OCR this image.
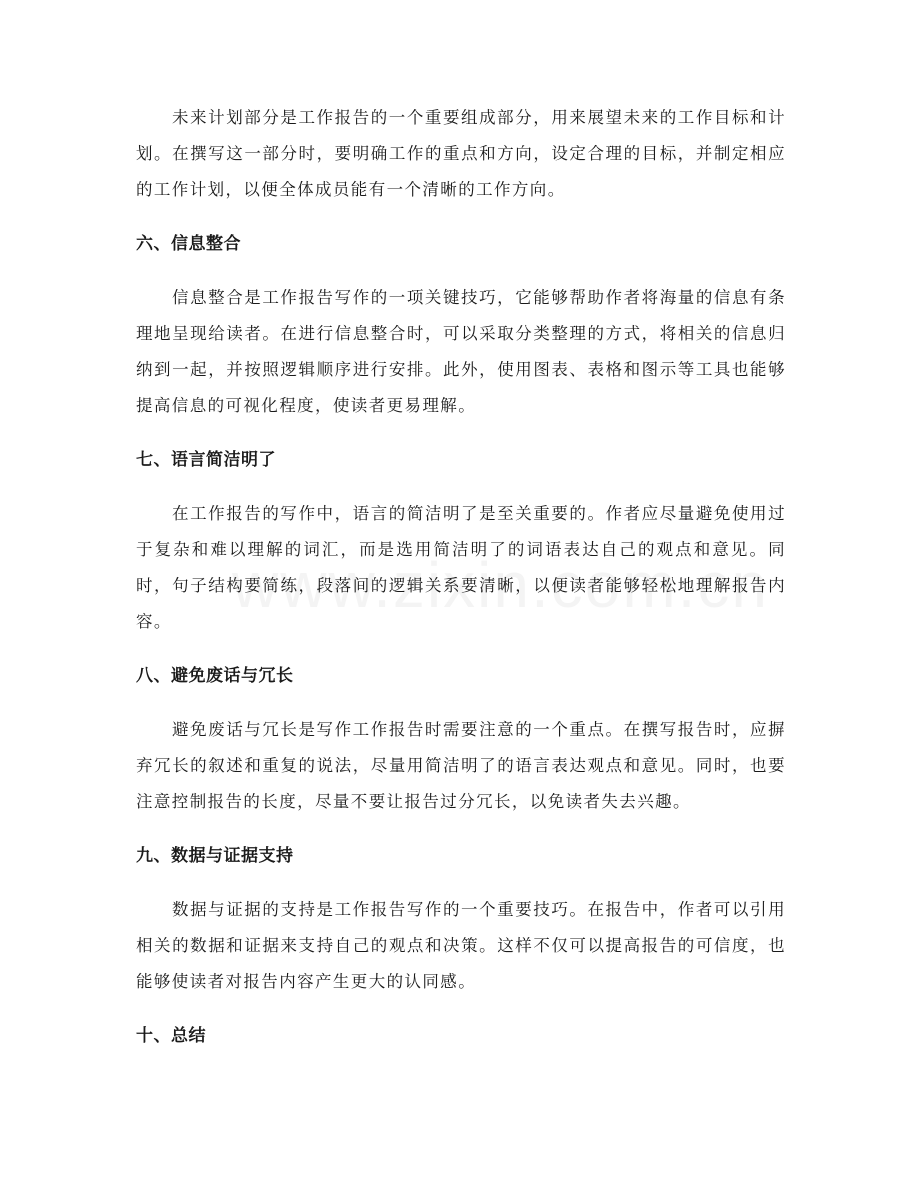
未来计划部分是工作报告的一个重要组成部分，用来展望未来的工作目标和计划。在撰写这一部分时，要明确工作的重点和方向，设定合理的目标，并制定相应的工作计划，以便全体成员能有一个清晰的工作方向。

六、信息整合

信息整合是工作报告写作的一项关键技巧，它能够帮助作者将海量的信息有条理地呈现给读者。在进行信息整合时，可以采取分类整理的方式，将相关的信息归纳到一起，并按照逻辑顺序进行安排。此外，使用图表、表格和图示等工具也能够提高信息的可视化程度，使读者更易理解。

七、语言简洁明了

在工作报告的写作中，语言的简洁明了是至关重要的。作者应尽量避免使用过于复杂和难以理解的词汇，而是选用简洁明了的词语表达自己的观点和意见。同时，句子结构要简练，段落间的逻辑关系要清晰，以便读者能够轻松地理解报告内容。

八、避免废话与冗长

避免废话与冗长是写作工作报告时需要注意的一个重点。在撰写报告时，应摒弃冗长的叙述和重复的说法，尽量用简洁明了的语言表达观点和意见。同时，也要注意控制报告的长度，尽量不要让报告过分冗长，以免读者失去兴趣。

九、数据与证据支持

数据与证据的支持是工作报告写作的一个重要技巧。在报告中，作者可以引用相关的数据和证据来支持自己的观点和决策。这样不仅可以提高报告的可信度，也能够使读者对报告内容产生更大的认同感。

十、总结
